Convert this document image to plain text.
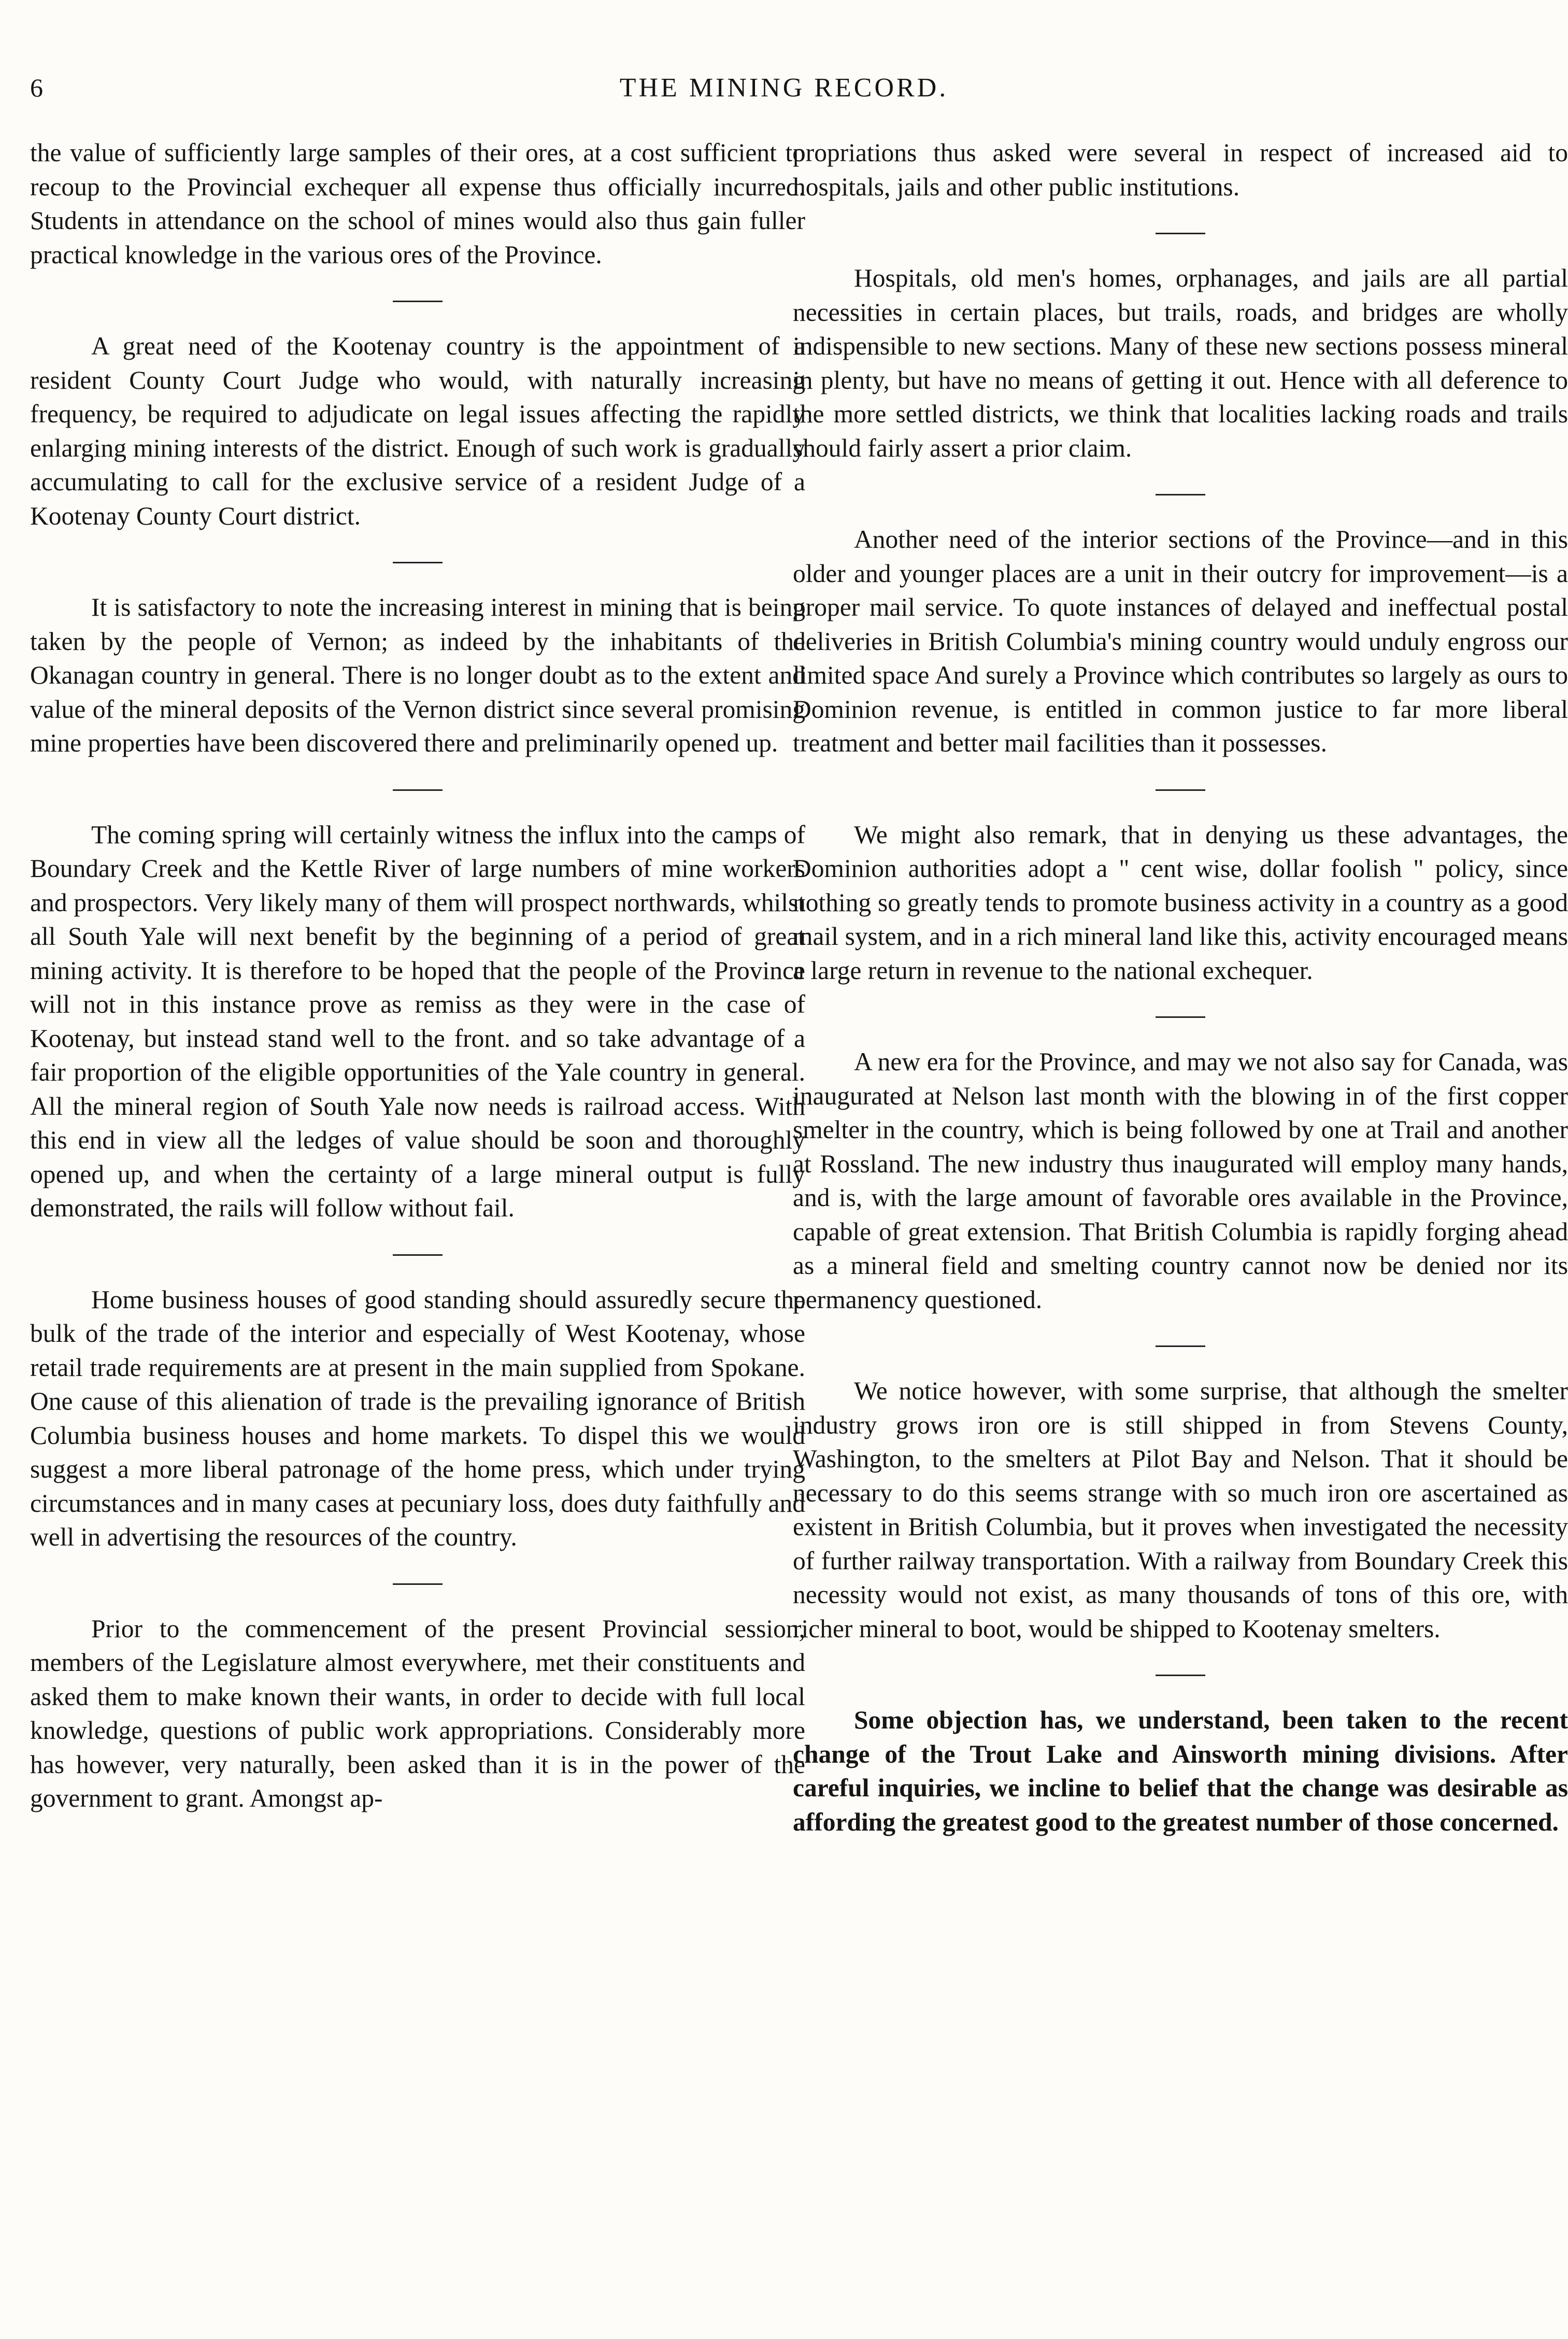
6	THE MINING RECORD.

the value of sufficiently large samples of their ores, at a cost sufficient to recoup to the Provincial exchequer all expense thus officially incurred. Students in attendance on the school of mines would also thus gain fuller practical knowledge in the various ores of the Province.

A great need of the Kootenay country is the appointment of a resident County Court Judge who would, with naturally increasing frequency, be required to adjudicate on legal issues affecting the rapidly enlarging mining interests of the district. Enough of such work is gradually accumulating to call for the exclusive service of a resident Judge of a Kootenay County Court district.

It is satisfactory to note the increasing interest in mining that is being taken by the people of Vernon; as indeed by the inhabitants of the Okanagan country in general. There is no longer doubt as to the extent and value of the mineral deposits of the Vernon district since several promising mine properties have been discovered there and preliminarily opened up.

The coming spring will certainly witness the influx into the camps of Boundary Creek and the Kettle River of large numbers of mine workers and prospectors. Very likely many of them will prospect northwards, whilst all South Yale will next benefit by the beginning of a period of great mining activity. It is therefore to be hoped that the people of the Province will not in this instance prove as remiss as they were in the case of Kootenay, but instead stand well to the front. and so take advantage of a fair proportion of the eligible opportunities of the Yale country in general. All the mineral region of South Yale now needs is railroad access. With this end in view all the ledges of value should be soon and thoroughly opened up, and when the certainty of a large mineral output is fully demonstrated, the rails will follow without fail.

Home business houses of good standing should assuredly secure the bulk of the trade of the interior and especially of West Kootenay, whose retail trade requirements are at present in the main supplied from Spokane. One cause of this alienation of trade is the prevailing ignorance of British Columbia business houses and home markets. To dispel this we would suggest a more liberal patronage of the home press, which under trying circumstances and in many cases at pecuniary loss, does duty faithfully and well in advertising the resources of the country.

Prior to the commencement of the present Provincial session, members of the Legislature almost everywhere, met their constituents and asked them to make known their wants, in order to decide with full local knowledge, questions of public work appropriations. Considerably more has however, very naturally, been asked than it is in the power of the government to grant. Amongst ap-

propriations thus asked were several in respect of increased aid to hospitals, jails and other public institutions.

Hospitals, old men's homes, orphanages, and jails are all partial necessities in certain places, but trails, roads, and bridges are wholly indispensible to new sections. Many of these new sections possess mineral in plenty, but have no means of getting it out. Hence with all deference to the more settled districts, we think that localities lacking roads and trails should fairly assert a prior claim.

Another need of the interior sections of the Province—and in this older and younger places are a unit in their outcry for improvement—is a proper mail service. To quote instances of delayed and ineffectual postal deliveries in British Columbia's mining country would unduly engross our limited space And surely a Province which contributes so largely as ours to Dominion revenue, is entitled in common justice to far more liberal treatment and better mail facilities than it possesses.

We might also remark, that in denying us these advantages, the Dominion authorities adopt a " cent wise, dollar foolish " policy, since nothing so greatly tends to promote business activity in a country as a good mail system, and in a rich mineral land like this, activity encouraged means a large return in revenue to the national exchequer.

A new era for the Province, and may we not also say for Canada, was inaugurated at Nelson last month with the blowing in of the first copper smelter in the country, which is being followed by one at Trail and another at Rossland. The new industry thus inaugurated will employ many hands, and is, with the large amount of favorable ores available in the Province, capable of great extension. That British Columbia is rapidly forging ahead as a mineral field and smelting country cannot now be denied nor its permanency questioned.

We notice however, with some surprise, that although the smelter industry grows iron ore is still shipped in from Stevens County, Washington, to the smelters at Pilot Bay and Nelson. That it should be necessary to do this seems strange with so much iron ore ascertained as existent in British Columbia, but it proves when investigated the necessity of further railway transportation. With a railway from Boundary Creek this necessity would not exist, as many thousands of tons of this ore, with richer mineral to boot, would be shipped to Kootenay smelters.

Some objection has, we understand, been taken to the recent change of the Trout Lake and Ainsworth mining divisions. After careful inquiries, we incline to belief that the change was desirable as affording the greatest good to the greatest number of those concerned.
